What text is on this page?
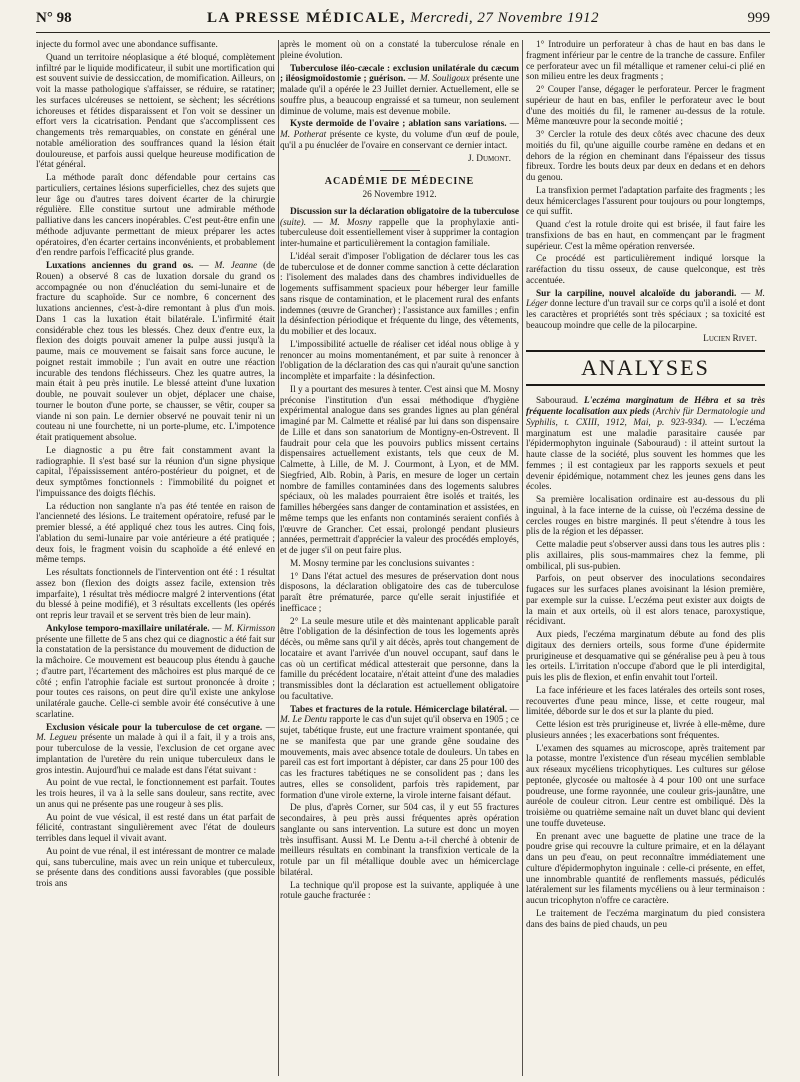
N° 98	LA PRESSE MÉDICALE, Mercredi, 27 Novembre 1912	999

injecte du formol avec une abondance suffisante.

Quand un territoire néoplasique a été bloqué, complètement infiltré par le liquide modificateur, il subit une mortification qui est souvent suivie de dessiccation, de momification. Ailleurs, on voit la masse pathologique s'affaisser, se réduire, se ratatiner; les surfaces ulcéreuses se nettoient, se sèchent; les sécrétions ichoreuses et fétides disparaissent et l'on voit se dessiner un effort vers la cicatrisation. Pendant que s'accomplissent ces changements très remarquables, on constate en général une notable amélioration des souffrances quand la lésion était douloureuse, et parfois aussi quelque heureuse modification de l'état général.

La méthode paraît donc défendable pour certains cas particuliers, certaines lésions superficielles, chez des sujets que leur âge ou d'autres tares doivent écarter de la chirurgie régulière. Elle constitue surtout une admirable méthode palliative dans les cancers inopérables. C'est peut-être enfin une méthode adjuvante permettant de mieux préparer les actes opératoires, d'en écarter certains inconvénients, et probablement d'en rendre parfois l'efficacité plus grande.

Luxations anciennes du grand os. — M. Jeanne (de Rouen) a observé 8 cas de luxation dorsale du grand os accompagnée ou non d'énucléation du semi-lunaire et de fracture du scaphoïde. Sur ce nombre, 6 concernent des luxations anciennes, c'est-à-dire remontant à plus d'un mois. Dans 1 cas la luxation était bilatérale. L'infirmité était considérable chez tous les blessés. Chez deux d'entre eux, la flexion des doigts pouvait amener la pulpe aussi jusqu'à la paume, mais ce mouvement se faisait sans force aucune, le poignet restait immobile ; l'un avait en outre une réaction incurable des tendons fléchisseurs. Chez les quatre autres, la main était à peu près inutile. Le blessé atteint d'une luxation double, ne pouvait soulever un objet, déplacer une chaise, tourner le bouton d'une porte, se chausser, se vêtir, couper sa viande ni son pain. Le dernier observé ne pouvait tenir ni un couteau ni une fourchette, ni un porte-plume, etc. L'impotence était pratiquement absolue.

Le diagnostic a pu être fait constamment avant la radiographie. Il s'est basé sur la réunion d'un signe physique capital, l'épaississement antéro-postérieur du poignet, et de deux symptômes fonctionnels : l'immobilité du poignet et l'impuissance des doigts fléchis.

La réduction non sanglante n'a pas été tentée en raison de l'ancienneté des lésions. Le traitement opératoire, refusé par le premier blessé, a été appliqué chez tous les autres. Cinq fois, l'ablation du semi-lunaire par voie antérieure a été pratiquée ; deux fois, le fragment voisin du scaphoïde a été enlevé en même temps.

Les résultats fonctionnels de l'intervention ont été : 1 résultat assez bon (flexion des doigts assez facile, extension très imparfaite), 1 résultat très médiocre malgré 2 interventions (état du blessé à peine modifié), et 3 résultats excellents (les opérés ont repris leur travail et se servent très bien de leur main).

Ankylose temporo-maxillaire unilatérale. — M. Kirmisson présente une fillette de 5 ans chez qui ce diagnostic a été fait sur la constatation de la persistance du mouvement de diduction de la mâchoire. Ce mouvement est beaucoup plus étendu à gauche ; d'autre part, l'écartement des mâchoires est plus marqué de ce côté ; enfin l'atrophie faciale est surtout prononcée à droite ; pour toutes ces raisons, on peut dire qu'il existe une ankylose unilatérale gauche. Celle-ci semble avoir été consécutive à une scarlatine.

Exclusion vésicale pour la tuberculose de cet organe. — M. Legueu présente un malade à qui il a fait, il y a trois ans, pour tuberculose de la vessie, l'exclusion de cet organe avec implantation de l'uretère du rein unique tuberculeux dans le gros intestin. Aujourd'hui ce malade est dans l'état suivant :

Au point de vue rectal, le fonctionnement est parfait. Toutes les trois heures, il va à la selle sans douleur, sans rectite, avec un anus qui ne présente pas une rougeur à ses plis.

Au point de vue vésical, il est resté dans un état parfait de félicité, contrastant singulièrement avec l'état de douleurs terribles dans lequel il vivait avant.

Au point de vue rénal, il est intéressant de montrer ce malade qui, sans tuberculine, mais avec un rein unique et tuberculeux, se présente dans des conditions aussi favorables (que possible trois ans

après le moment où on a constaté la tuberculose rénale en pleine évolution.

Tuberculose iléo-cæcale : exclusion unilatérale du cæcum ; iléosigmoïdostomie ; guérison. — M. Souligoux présente une malade qu'il a opérée le 23 Juillet dernier. Actuellement, elle se souffre plus, a beaucoup engraissé et sa tumeur, non seulement diminue de volume, mais est devenue mobile.

Kyste dermoïde de l'ovaire ; ablation sans variations. — M. Potherat présente ce kyste, du volume d'un œuf de poule, qu'il a pu énucléer de l'ovaire en conservant ce dernier intact.

J. Dumont.

ACADÉMIE DE MÉDECINE

26 Novembre 1912.

Discussion sur la déclaration obligatoire de la tuberculose (suite). — M. Mosny rappelle que la prophylaxie anti-tuberculeuse doit essentiellement viser à supprimer la contagion inter-humaine et particulièrement la contagion familiale.

L'idéal serait d'imposer l'obligation de déclarer tous les cas de tuberculose et de donner comme sanction à cette déclaration : l'isolement des malades dans des chambres individuelles de logements suffisamment spacieux pour héberger leur famille sans risque de contamination, et le placement rural des enfants indemnes (œuvre de Grancher) ; l'assistance aux familles ; enfin la désinfection périodique et fréquente du linge, des vêtements, du mobilier et des locaux.

L'impossibilité actuelle de réaliser cet idéal nous oblige à y renoncer au moins momentanément, et par suite à renoncer à l'obligation de la déclaration des cas qui n'aurait qu'une sanction incomplète et imparfaite : la désinfection.

Il y a pourtant des mesures à tenter. C'est ainsi que M. Mosny préconise l'institution d'un essai méthodique d'hygiène expérimental analogue dans ses grandes lignes au plan général imaginé par M. Calmette et réalisé par lui dans son dispensaire de Lille et dans son sanatorium de Montigny-en-Ostrevent. Il faudrait pour cela que les pouvoirs publics missent certains dispensaires actuellement existants, tels que ceux de M. Calmette, à Lille, de M. J. Courmont, à Lyon, et de MM. Siegfried, Alb. Robin, à Paris, en mesure de loger un certain nombre de familles contaminées dans des logements salubres spéciaux, où les malades pourraient être isolés et traités, les familles hébergées sans danger de contamination et assistées, en même temps que les enfants non contaminés seraient confiés à l'œuvre de Grancher. Cet essai, prolongé pendant plusieurs années, permettrait d'apprécier la valeur des procédés employés, et de juger s'il on peut faire plus.

M. Mosny termine par les conclusions suivantes :

1° Dans l'état actuel des mesures de préservation dont nous disposons, la déclaration obligatoire des cas de tuberculose paraît être prématurée, parce qu'elle serait injustifiée et inefficace ;

2° La seule mesure utile et dès maintenant applicable paraît être l'obligation de la désinfection de tous les logements après décès, ou même sans qu'il y ait décès, après tout changement de locataire et avant l'arrivée d'un nouvel occupant, sauf dans le cas où un certificat médical attesterait que personne, dans la famille du précédent locataire, n'était atteint d'une des maladies transmissibles dont la déclaration est actuellement obligatoire ou facultative.

Tabes et fractures de la rotule. Hémicerclage bilatéral. — M. Le Dentu rapporte le cas d'un sujet qu'il observa en 1905 ; ce sujet, tabétique fruste, eut une fracture vraiment spontanée, qui ne se manifesta que par une grande gêne soudaine des mouvements, mais avec absence totale de douleurs. Un tabes en pareil cas est fort important à dépister, car dans 25 pour 100 des cas les fractures tabétiques ne se consolident pas ; dans les autres, elles se consolident, parfois très rapidement, par formation d'une virole externe, la virole interne faisant défaut.

De plus, d'après Corner, sur 504 cas, il y eut 55 fractures secondaires, à peu près aussi fréquentes après opération sanglante ou sans intervention. La suture est donc un moyen très insuffisant. Aussi M. Le Dentu a-t-il cherché à obtenir de meilleurs résultats en combinant la transfixion verticale de la rotule par un fil métallique double avec un hémicerclage bilatéral.

La technique qu'il propose est la suivante, appliquée à une rotule gauche fracturée :

1° Introduire un perforateur à chas de haut en bas dans le fragment inférieur par le centre de la tranche de cassure. Enfiler ce perforateur avec un fil métallique et ramener celui-ci plié en son milieu entre les deux fragments ;

2° Couper l'anse, dégager le perforateur. Percer le fragment supérieur de haut en bas, enfiler le perforateur avec le bout d'une des moitiés du fil, le ramener au-dessus de la rotule. Même manœuvre pour la seconde moitié ;

3° Cercler la rotule des deux côtés avec chacune des deux moitiés du fil, qu'une aiguille courbe ramène en dedans et en dehors de la région en cheminant dans l'épaisseur des tissus fibreux. Tordre les bouts deux par deux en dedans et en dehors du genou.

La transfixion permet l'adaptation parfaite des fragments ; les deux hémicerclages l'assurent pour toujours ou pour longtemps, ce qui suffit.

Quand c'est la rotule droite qui est brisée, il faut faire les transfixions de bas en haut, en commençant par le fragment supérieur. C'est la même opération renversée.

Ce procédé est particulièrement indiqué lorsque la raréfaction du tissu osseux, de cause quelconque, est très accentuée.

Sur la carpiline, nouvel alcaloïde du jaborandi. — M. Léger donne lecture d'un travail sur ce corps qu'il a isolé et dont les caractères et propriétés sont très spéciaux ; sa toxicité est beaucoup moindre que celle de la pilocarpine.

Lucien Rivet.

ANALYSES

Sabouraud. L'eczéma marginatum de Hébra et sa très fréquente localisation aux pieds (Archiv für Dermatologie und Syphilis, t. CXIII, 1912, Mai, p. 923-934). — L'eczéma marginatum est une maladie parasitaire causée par l'épidermophyton inguinale (Sabouraud) : il atteint surtout la haute classe de la société, plus souvent les hommes que les femmes ; il est contagieux par les rapports sexuels et peut devenir épidémique, notamment chez les jeunes gens dans les écoles.

Sa première localisation ordinaire est au-dessous du pli inguinal, à la face interne de la cuisse, où l'eczéma dessine de cercles rouges en bistre marginés. Il peut s'étendre à tous les plis de la région et les dépasser.

Cette maladie peut s'observer aussi dans tous les autres plis : plis axillaires, plis sous-mammaires chez la femme, pli ombilical, pli sus-pubien.

Parfois, on peut observer des inoculations secondaires fugaces sur les surfaces planes avoisinant la lésion première, par exemple sur la cuisse. L'eczéma peut exister aux doigts de la main et aux orteils, où il est alors tenace, paroxystique, récidivant.

Aux pieds, l'eczéma marginatum débute au fond des plis digitaux des derniers orteils, sous forme d'une épidermite prurigineuse et desquamative qui se généralise peu à peu à tous les orteils. L'irritation n'occupe d'abord que le pli interdigital, puis les plis de flexion, et enfin envahit tout l'orteil.

La face inférieure et les faces latérales des orteils sont roses, recouvertes d'une peau mince, lisse, et cette rougeur, mal limitée, déborde sur le dos et sur la plante du pied.

Cette lésion est très prurigineuse et, livrée à elle-même, dure plusieurs années ; les exacerbations sont fréquentes.

L'examen des squames au microscope, après traitement par la potasse, montre l'existence d'un réseau mycélien semblable aux réseaux mycéliens tricophytiques. Les cultures sur gélose peptonée, glycosée ou maltosée à 4 pour 100 ont une surface poudreuse, une forme rayonnée, une couleur gris-jaunâtre, une auréole de couleur citron. Leur centre est ombiliqué. Dès la troisième ou quatrième semaine naît un duvet blanc qui devient une touffe duveteuse.

En prenant avec une baguette de platine une trace de la poudre grise qui recouvre la culture primaire, et en la délayant dans un peu d'eau, on peut reconnaître immédiatement une culture d'épidermophyton inguinale : celle-ci présente, en effet, une innombrable quantité de renflements massués, pédiculés latéralement sur les filaments mycéliens ou à leur terminaison : aucun tricophyton n'offre ce caractère.

Le traitement de l'eczéma marginatum du pied consistera dans des bains de pied chauds, un peu
